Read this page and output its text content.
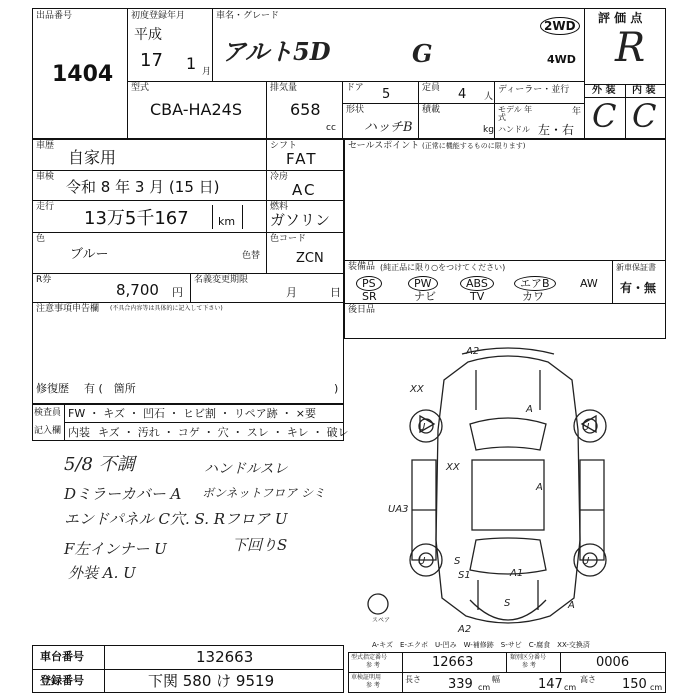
出品番号
1404
初度登録年月
平成
17 1 月
車名・グレード
アルト5D	G
2WD
4WD
評 価 点
R
外 装 内 装
C C
型式
CBA-HA24S
排気量
658
cc
ドア 5	定員 4 人
ディーラー・並行
形状
ハッチB
積載
kg
モデル 年式
年
ハンドル 左・右
車歴
自家用
シフト
FAT
車検
令和 8 年 3 月 (15 日)
冷房
AC
走行
13万5千167	km
燃料
ガソリン
色
ブルー	色替
色コード
ZCN
R券
8,700 円
名義変更期限
月	日
注意事項申告欄 (不具合内容等は具体的に記入して下さい)
修復歴 有 (　箇所	)
セールスポイント (正常に機能するものに限ります)
装備品 (純正品に限り○をつけてください)
PS	PW	ABS	エアB	AW
SR	ナビ	TV	カワ
新車保証書
有・無
後日品
検査員
記入欄
FW ・ キズ ・ 凹石 ・ ヒビ割 ・ リペア跡 ・ ×要
内装 キズ ・ 汚れ ・ コゲ ・ 穴 ・ スレ ・ キレ ・ 破レ
5/8 不調	ハンドルスレ
Dミラーカバー A ボンネットフロア シミ
エンドパネル C穴. S. Rフロア U
F左インナー U	下回りS
外装 A. U
A2
A
XX
U	U
A
XX
UA3
S
U	U
A1
S1
A2
S	A
スペア
A-キズ　E-エクボ　U-凹み　W-補修跡　S-サビ　C-腐食　XX-交換済
車台番号	132663
登録番号	下関 580 け 9519
型式指定番号
参 考	12663	類別区分番号
参 考	0006
車検証明用
参 考
長さ 339 cm
幅	147 cm
高さ 150 cm
